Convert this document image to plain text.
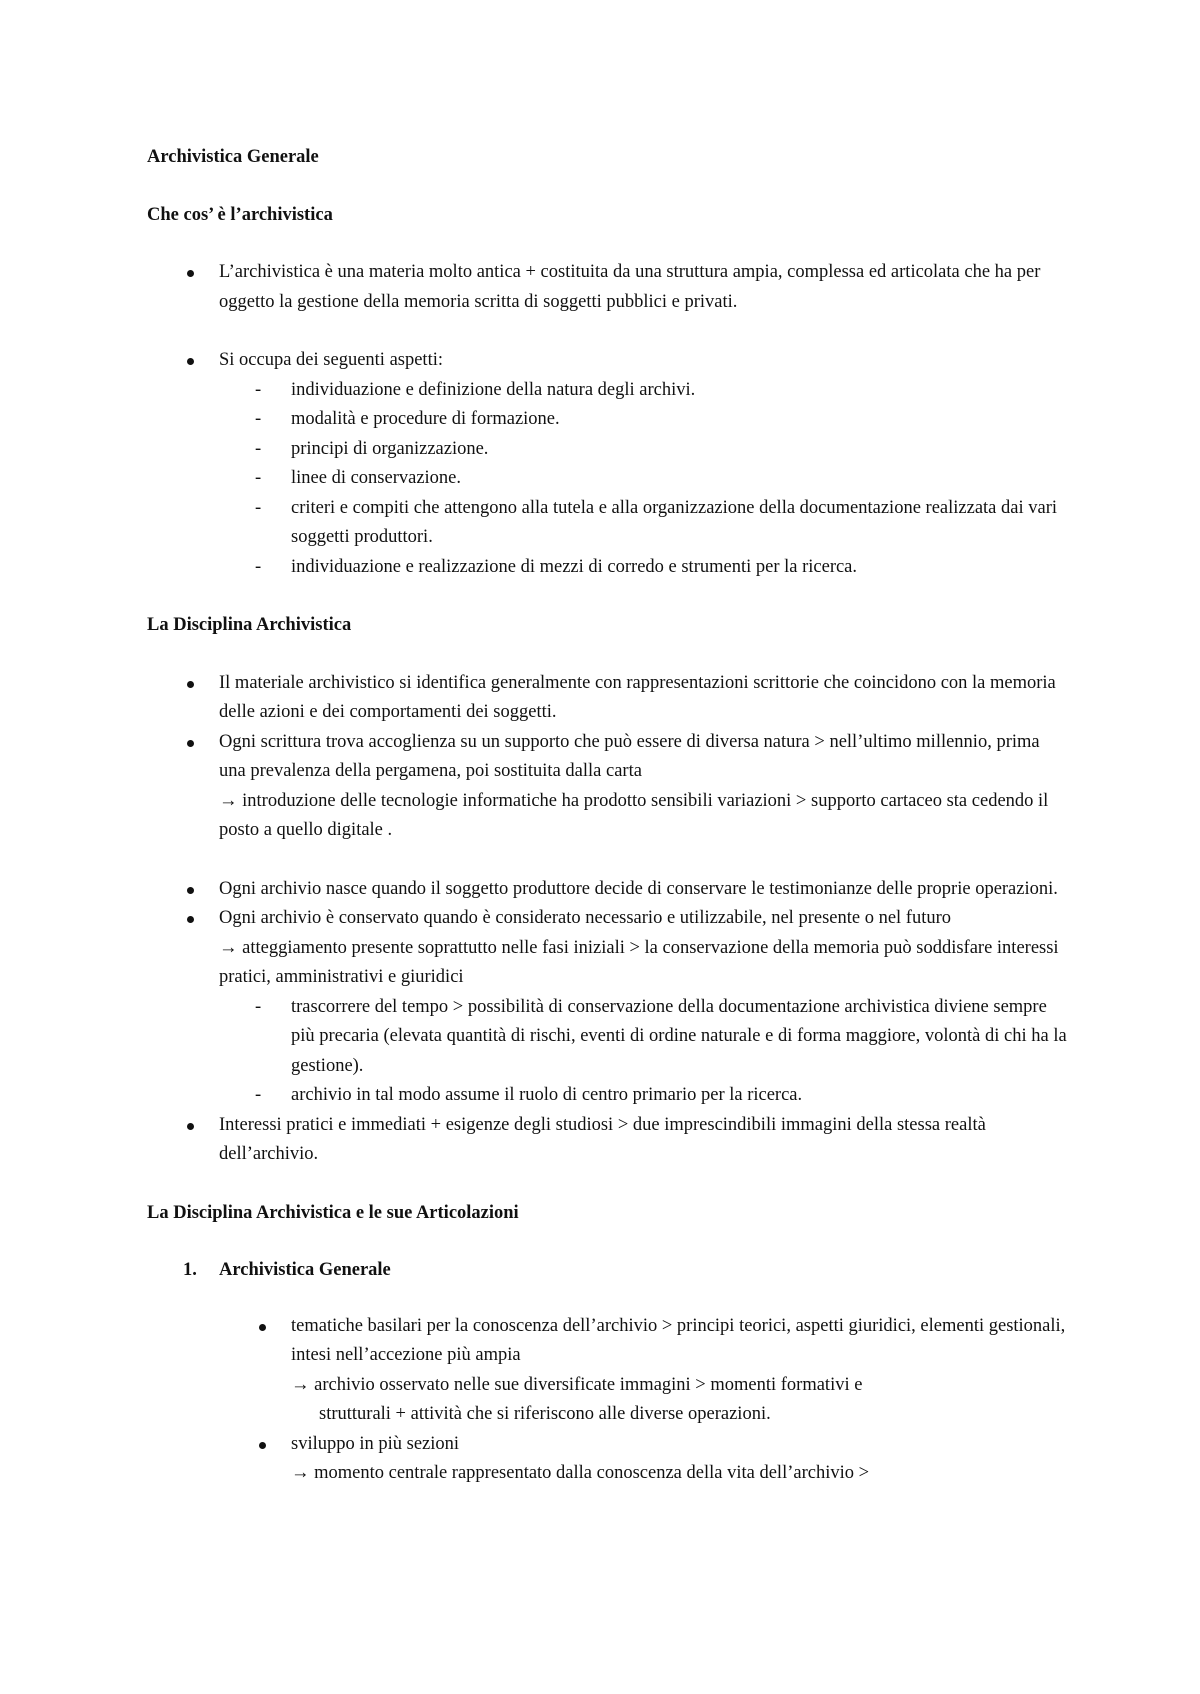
Archivistica Generale
Che cos’ è l’archivistica
L’archivistica è una materia molto antica + costituita da una struttura ampia, complessa ed articolata che ha per oggetto la gestione della memoria scritta di soggetti pubblici e privati.
Si occupa dei seguenti aspetti:
- individuazione e definizione della natura degli archivi.
- modalità e procedure di formazione.
- principi di organizzazione.
- linee di conservazione.
- criteri e compiti che attengono alla tutela e alla organizzazione della documentazione realizzata dai vari soggetti produttori.
- individuazione e realizzazione di mezzi di corredo e strumenti per la ricerca.
La Disciplina Archivistica
Il materiale archivistico si identifica generalmente con rappresentazioni scrittorie che coincidono con la memoria delle azioni e dei comportamenti dei soggetti.
Ogni scrittura trova accoglienza su un supporto che può essere di diversa natura > nell’ultimo millennio, prima una prevalenza della pergamena, poi sostituita dalla carta
→ introduzione delle tecnologie informatiche ha prodotto sensibili variazioni > supporto cartaceo sta cedendo il posto a quello digitale .
Ogni archivio nasce quando il soggetto produttore decide di conservare le testimonianze delle proprie operazioni.
Ogni archivio è conservato quando è considerato necessario e utilizzabile, nel presente o nel futuro
→ atteggiamento presente soprattutto nelle fasi iniziali > la conservazione della memoria può soddisfare interessi pratici, amministrativi e giuridici
- trascorrere del tempo > possibilità di conservazione della documentazione archivistica diviene sempre più precaria (elevata quantità di rischi, eventi di ordine naturale e di forma maggiore, volontà di chi ha la gestione).
- archivio in tal modo assume il ruolo di centro primario per la ricerca.
Interessi pratici e immediati + esigenze degli studiosi > due imprescindibili immagini della stessa realtà dell’archivio.
La Disciplina Archivistica e le sue Articolazioni
1. Archivistica Generale
tematiche basilari per la conoscenza dell’archivio > principi teorici, aspetti giuridici, elementi gestionali, intesi nell’accezione più ampia
→ archivio osservato nelle sue diversificate immagini > momenti formativi e

strutturali + attività che si riferiscono alle diverse operazioni.
sviluppo in più sezioni
→ momento centrale rappresentato dalla conoscenza della vita dell’archivio >
